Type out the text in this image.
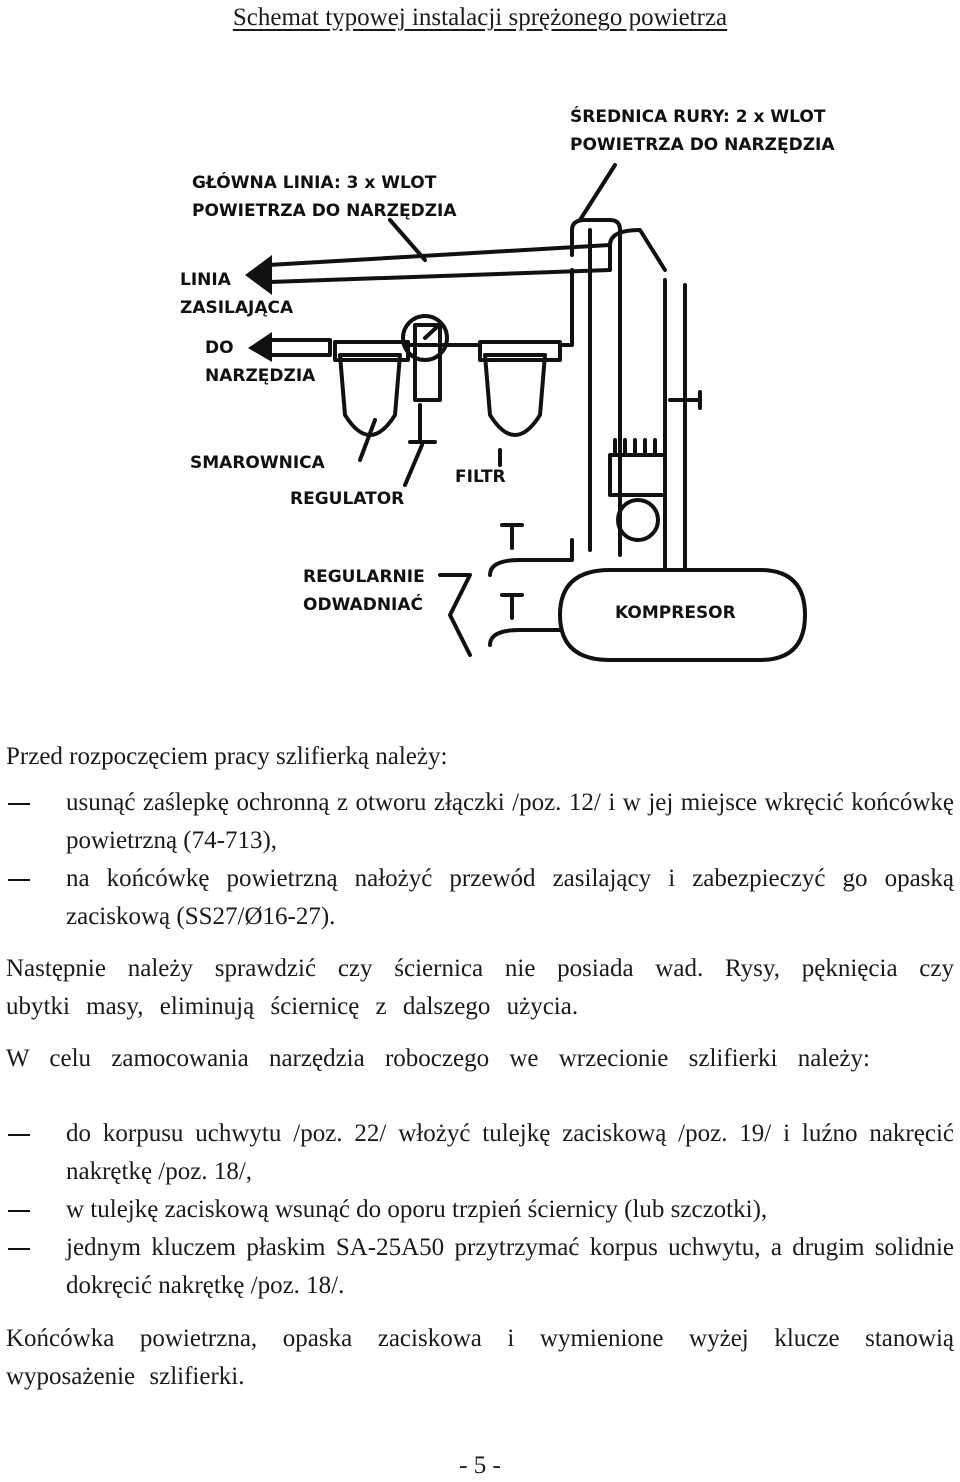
Schemat typowej instalacji sprężonego powietrza
ŚREDNICA RURY: 2 x WLOT
POWIETRZA DO NARZĘDZIA
GŁÓWNA LINIA: 3 x WLOT
POWIETRZA DO NARZĘDZIA
LINIA
ZASILAJĄCA
DO
NARZĘDZIA
SMAROWNICA
REGULATOR
FILTR
REGULARNIE
ODWADNIAĆ	KOMPRESOR
Przed rozpoczęciem pracy szlifierką należy:
usunąć zaślepkę ochronną z otworu złączki /poz. 12/ i w jej miejsce wkręcić końcówkę powietrzną (74-713),
na końcówkę powietrzną nałożyć przewód zasilający i zabezpieczyć go opaską zaciskową (SS27/Ø16-27).
Następnie należy sprawdzić czy ściernica nie posiada wad. Rysy, pęknięcia czy ubytki masy, eliminują ściernicę z dalszego użycia.
W celu zamocowania narzędzia roboczego we wrzecionie szlifierki należy:
do korpusu uchwytu /poz. 22/ włożyć tulejkę zaciskową /poz. 19/ i luźno nakręcić nakrętkę /poz. 18/,
w tulejkę zaciskową wsunąć do oporu trzpień ściernicy (lub szczotki),
jednym kluczem płaskim SA-25A50 przytrzymać korpus uchwytu, a drugim solidnie dokręcić nakrętkę /poz. 18/.
Końcówka powietrzna, opaska zaciskowa i wymienione wyżej klucze stanowią wyposażenie szlifierki.
- 5 -
